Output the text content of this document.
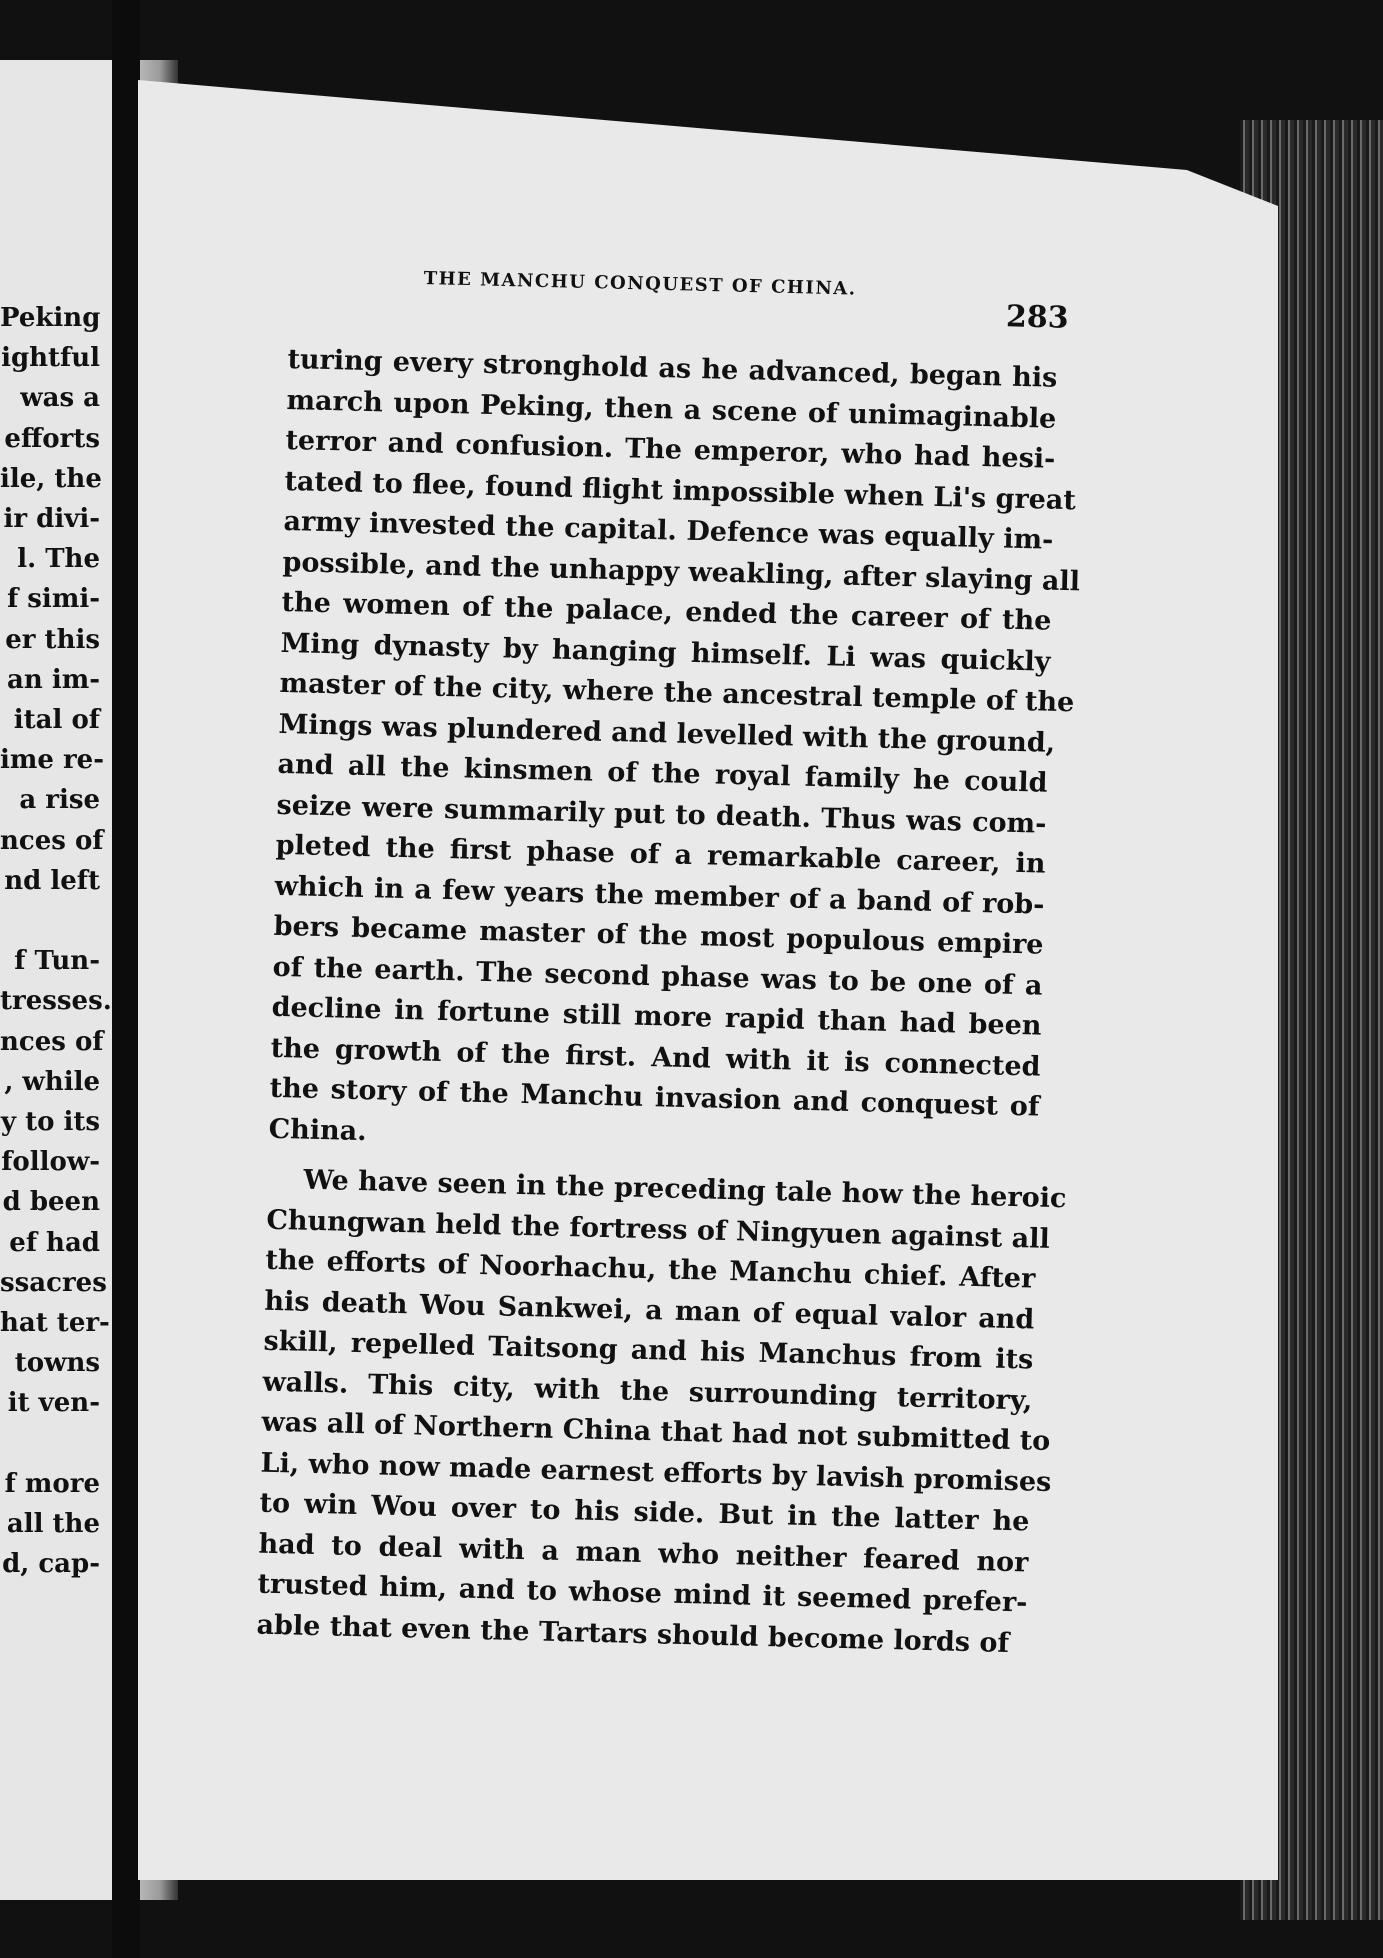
Peking
ightful
was a
efforts
ile, the
ir divi-
l. The
f simi-
er this
an im-
ital of
ime re-
a rise
nces of
nd left
f Tun-
tresses.
nces of
, while
y to its
follow-
d been
ef had
ssacres
hat ter-
towns
it ven-
f more
all the
d, cap-
THE MANCHU CONQUEST OF CHINA.
283
turing every stronghold as he advanced, began his
march upon Peking, then a scene of unimaginable
terror and confusion. The emperor, who had hesi-
tated to flee, found flight impossible when Li's great
army invested the capital. Defence was equally im-
possible, and the unhappy weakling, after slaying all
the women of the palace, ended the career of the
Ming dynasty by hanging himself. Li was quickly
master of the city, where the ancestral temple of the
Mings was plundered and levelled with the ground,
and all the kinsmen of the royal family he could
seize were summarily put to death. Thus was com-
pleted the first phase of a remarkable career, in
which in a few years the member of a band of rob-
bers became master of the most populous empire
of the earth. The second phase was to be one of a
decline in fortune still more rapid than had been
the growth of the first. And with it is connected
the story of the Manchu invasion and conquest of
China.
We have seen in the preceding tale how the heroic
Chungwan held the fortress of Ningyuen against all
the efforts of Noorhachu, the Manchu chief. After
his death Wou Sankwei, a man of equal valor and
skill, repelled Taitsong and his Manchus from its
walls. This city, with the surrounding territory,
was all of Northern China that had not submitted to
Li, who now made earnest efforts by lavish promises
to win Wou over to his side. But in the latter he
had to deal with a man who neither feared nor
trusted him, and to whose mind it seemed prefer-
able that even the Tartars should become lords of
